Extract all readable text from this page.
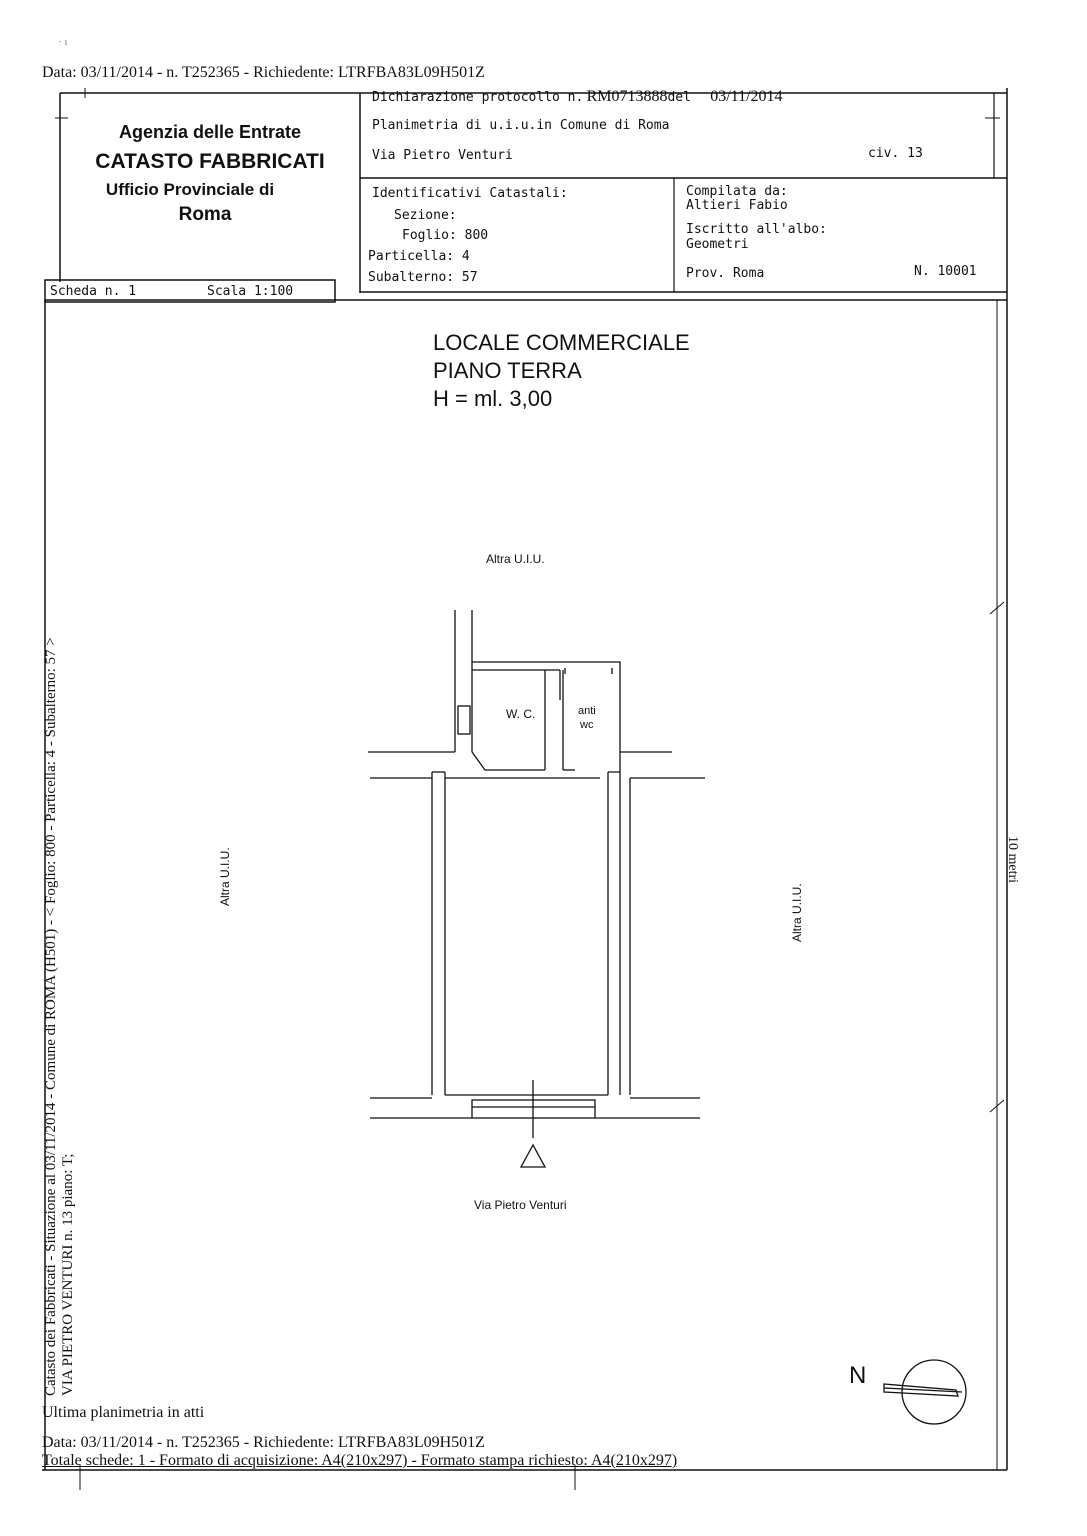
· ı
Data: 03/11/2014 - n. T252365 - Richiedente: LTRFBA83L09H501Z
Agenzia delle Entrate
CATASTO FABBRICATI
Ufficio Provinciale di
Roma
Dichiarazione protocollo n. RM0713888del 03/11/2014
Planimetria di u.i.u.in Comune di Roma
Via Pietro Venturi	civ. 13
Identificativi Catastali:
Sezione:
Foglio: 800
Particella: 4
Subalterno: 57
Compilata da:
Altieri Fabio
Iscritto all'albo:
Geometri
Prov. Roma	N. 10001
Scheda n. 1	Scala 1:100
LOCALE COMMERCIALE
PIANO TERRA
H = ml. 3,00
Altra U.I.U.
W. C.	anti
wc
Altra U.I.U.
Altra U.I.U.
Via Pietro Venturi
N
10 metri
Catasto dei Fabbricati - Situazione al 03/11/2014 - Comune di ROMA (H501) - < Foglio: 800 - Particella: 4 - Subalterno: 57 > VIA PIETRO VENTURI n. 13 piano: T;
Ultima planimetria in atti
Data: 03/11/2014 - n. T252365 - Richiedente: LTRFBA83L09H501Z
Totale schede: 1 - Formato di acquisizione: A4(210x297) - Formato stampa richiesto: A4(210x297)
